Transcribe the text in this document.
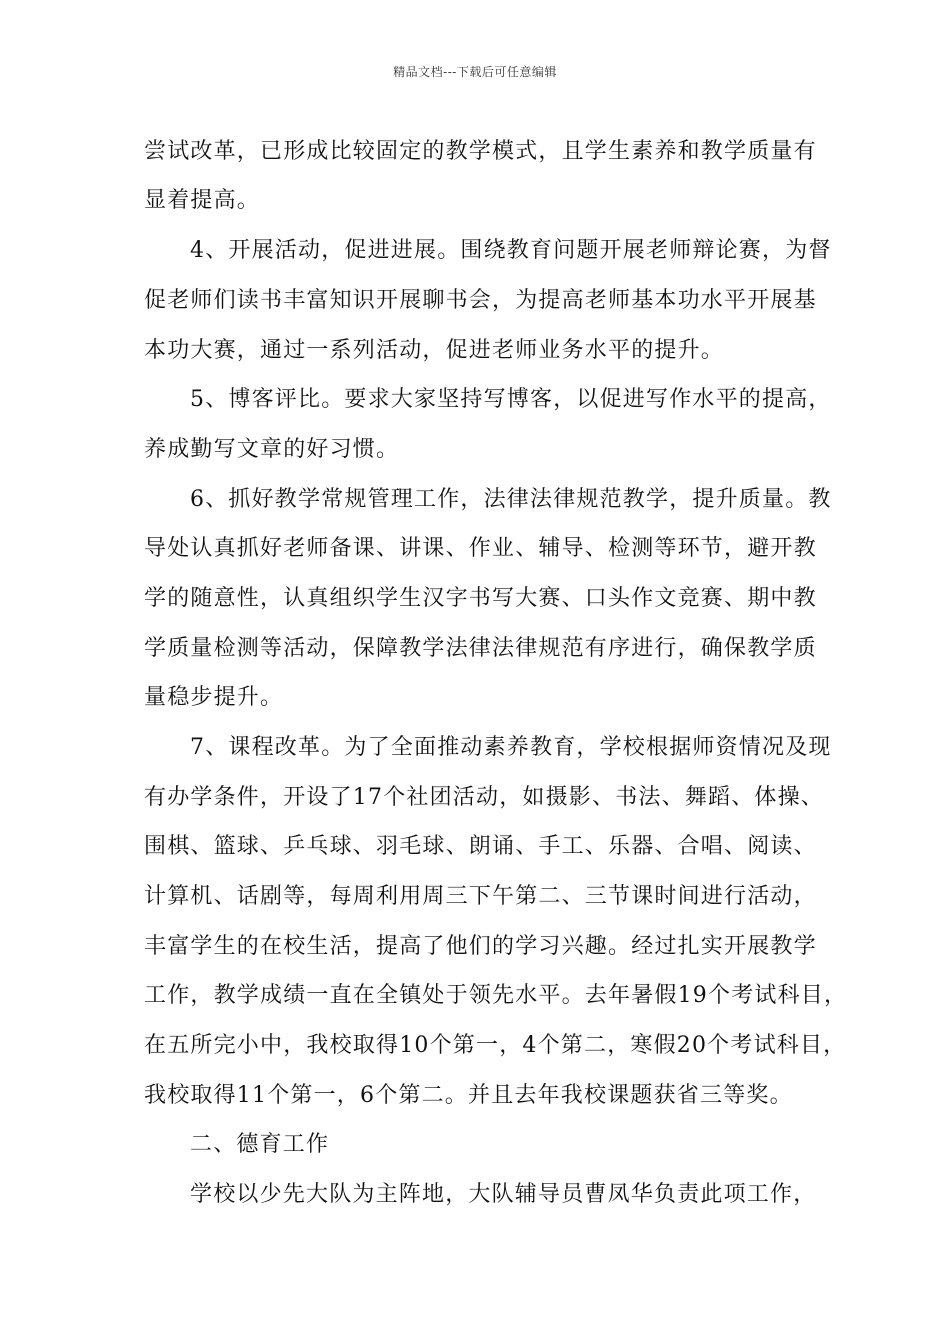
精品文档---下载后可任意编辑
尝试改革，已形成比较固定的教学模式，且学生素养和教学质量有
显着提高。
4、开展活动，促进进展。围绕教育问题开展老师辩论赛，为督
促老师们读书丰富知识开展聊书会，为提高老师基本功水平开展基
本功大赛，通过一系列活动，促进老师业务水平的提升。
5、博客评比。要求大家坚持写博客，以促进写作水平的提高，
养成勤写文章的好习惯。
6、抓好教学常规管理工作，法律法律规范教学，提升质量。教
导处认真抓好老师备课、讲课、作业、辅导、检测等环节，避开教
学的随意性，认真组织学生汉字书写大赛、口头作文竞赛、期中教
学质量检测等活动，保障教学法律法律规范有序进行，确保教学质
量稳步提升。
7、课程改革。为了全面推动素养教育，学校根据师资情况及现
有办学条件，开设了17个社团活动，如摄影、书法、舞蹈、体操、
围棋、篮球、乒乓球、羽毛球、朗诵、手工、乐器、合唱、阅读、
计算机、话剧等，每周利用周三下午第二、三节课时间进行活动，
丰富学生的在校生活，提高了他们的学习兴趣。经过扎实开展教学
工作，教学成绩一直在全镇处于领先水平。去年暑假19个考试科目，
在五所完小中，我校取得10个第一，4个第二，寒假20个考试科目，
我校取得11个第一，6个第二。并且去年我校课题获省三等奖。
二、德育工作
学校以少先大队为主阵地，大队辅导员曹凤华负责此项工作，
